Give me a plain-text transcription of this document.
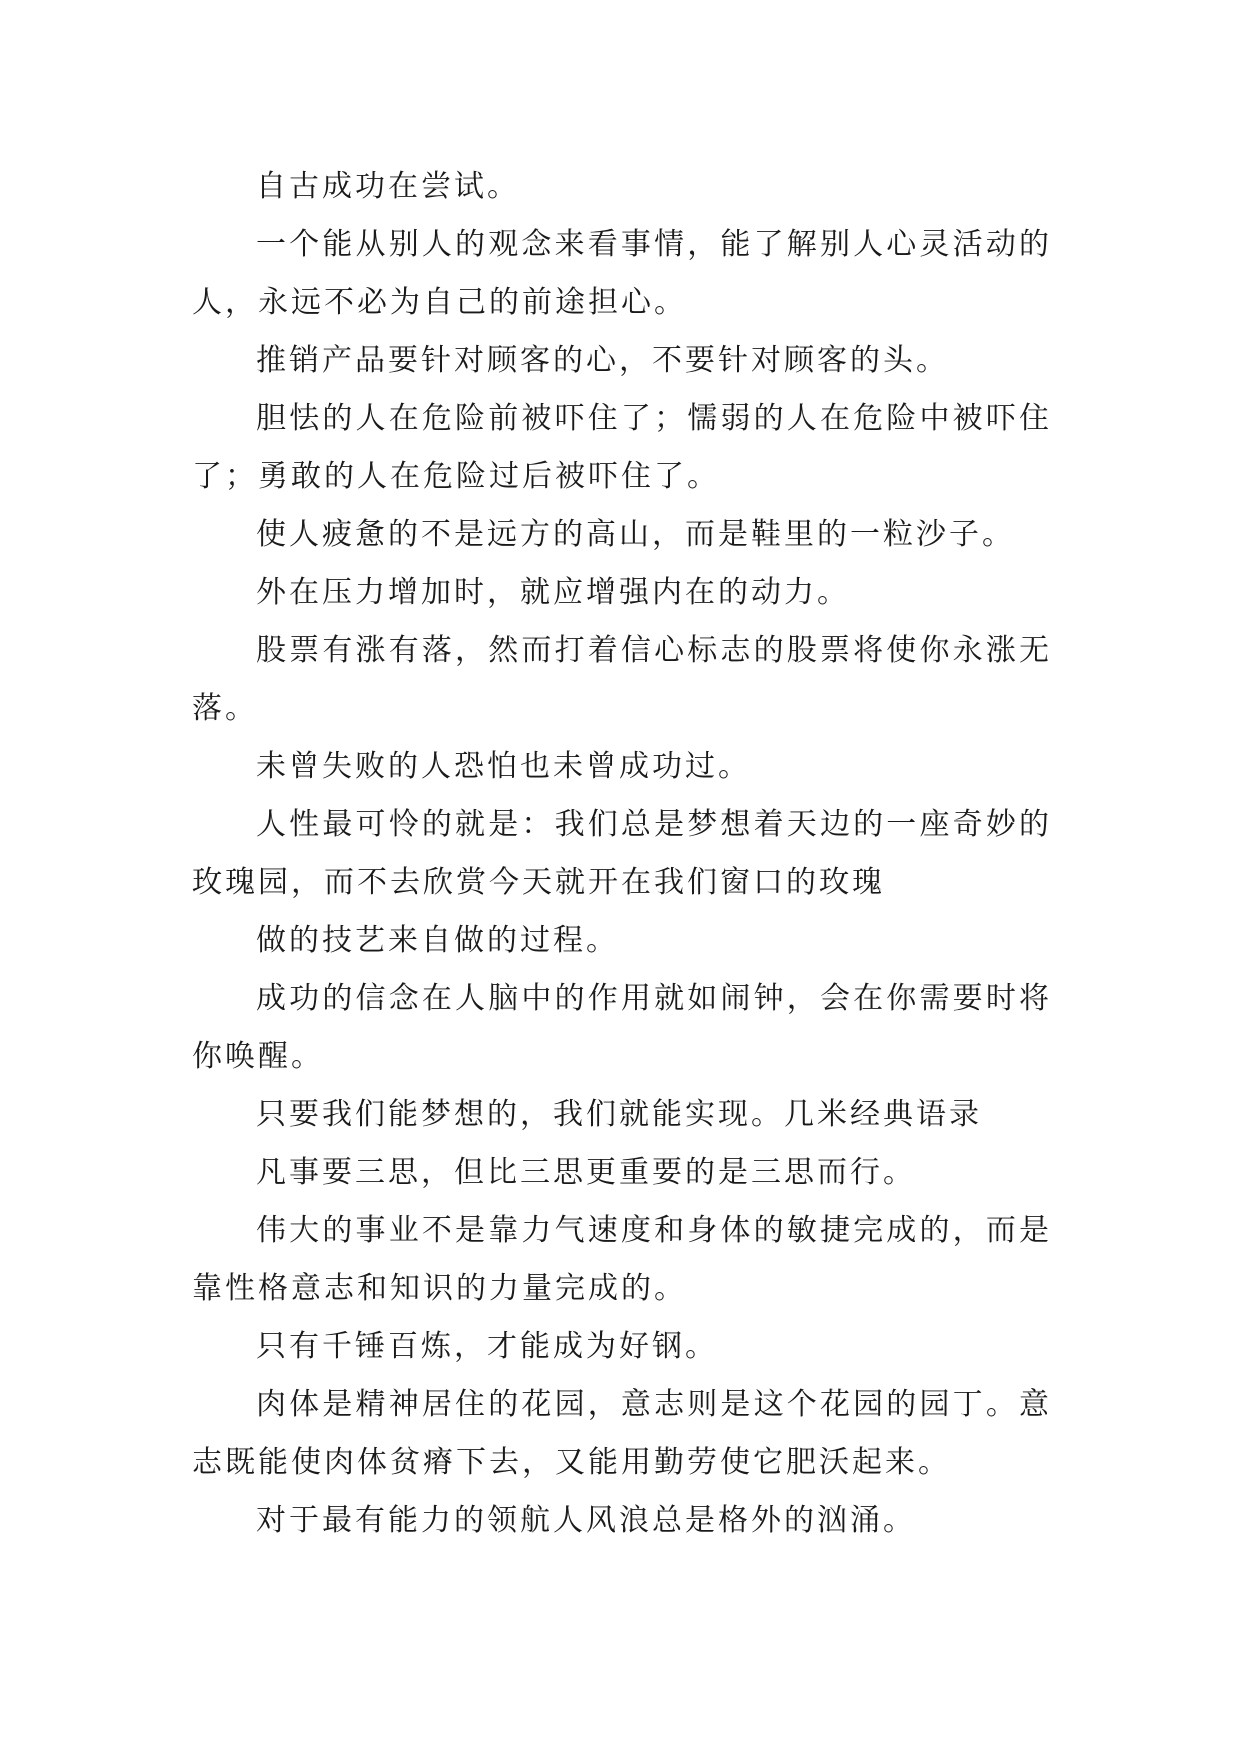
自古成功在尝试。

一个能从别人的观念来看事情，能了解别人心灵活动的人，永远不必为自己的前途担心。

推销产品要针对顾客的心，不要针对顾客的头。

胆怯的人在危险前被吓住了；懦弱的人在危险中被吓住了；勇敢的人在危险过后被吓住了。

使人疲惫的不是远方的高山，而是鞋里的一粒沙子。

外在压力增加时，就应增强内在的动力。

股票有涨有落，然而打着信心标志的股票将使你永涨无落。

未曾失败的人恐怕也未曾成功过。

人性最可怜的就是：我们总是梦想着天边的一座奇妙的玫瑰园，而不去欣赏今天就开在我们窗口的玫瑰

做的技艺来自做的过程。

成功的信念在人脑中的作用就如闹钟，会在你需要时将你唤醒。

只要我们能梦想的，我们就能实现。几米经典语录

凡事要三思，但比三思更重要的是三思而行。

伟大的事业不是靠力气速度和身体的敏捷完成的，而是靠性格意志和知识的力量完成的。

只有千锤百炼，才能成为好钢。

肉体是精神居住的花园，意志则是这个花园的园丁。意志既能使肉体贫瘠下去，又能用勤劳使它肥沃起来。

对于最有能力的领航人风浪总是格外的汹涌。
